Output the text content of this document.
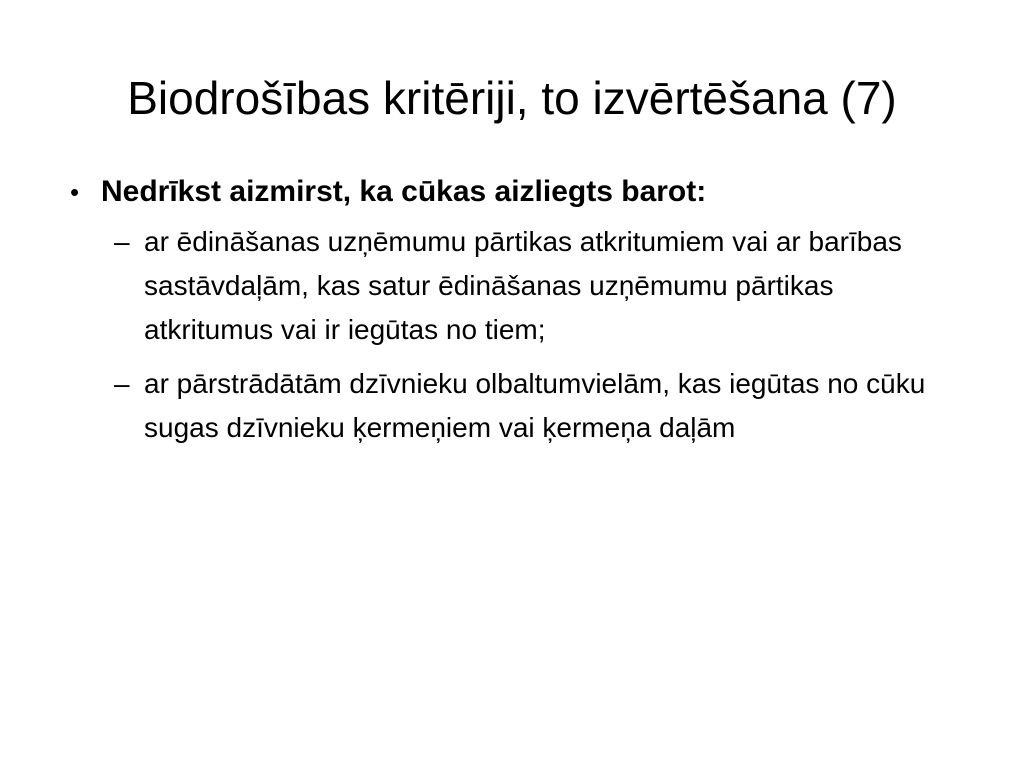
Biodrošības kritēriji, to izvērtēšana (7)
• Nedrīkst aizmirst, ka cūkas aizliegts barot:
– ar ēdināšanas uzņēmumu pārtikas atkritumiem vai ar barības sastāvdaļām, kas satur ēdināšanas uzņēmumu pārtikas atkritumus vai ir iegūtas no tiem;
– ar pārstrādātām dzīvnieku olbaltumvielām, kas iegūtas no cūku sugas dzīvnieku ķermeņiem vai ķermeņa daļām
